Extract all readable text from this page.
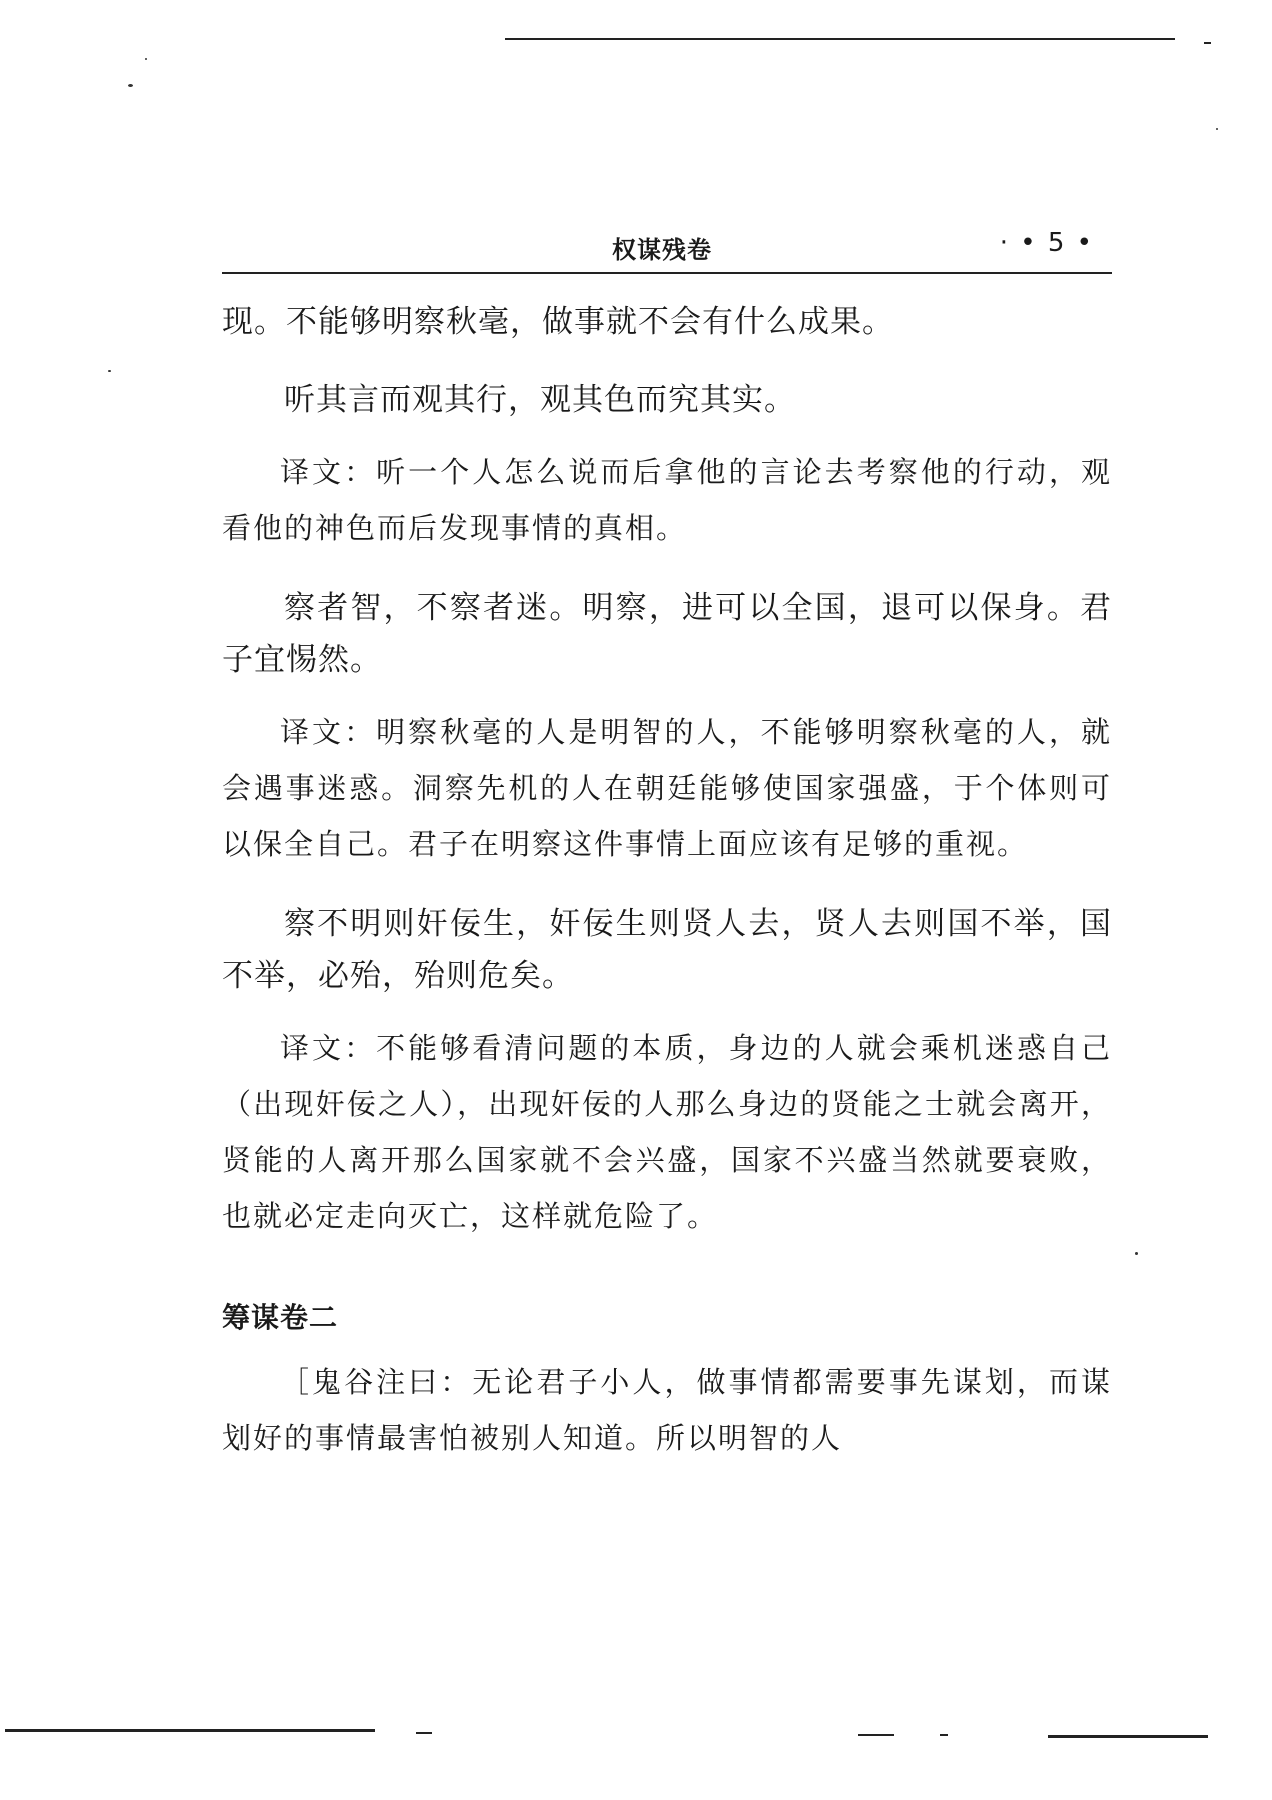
权谋残卷	· • 5 •

现。不能够明察秋毫，做事就不会有什么成果。

听其言而观其行，观其色而究其实。

译文：听一个人怎么说而后拿他的言论去考察他的行动，观看他的神色而后发现事情的真相。

察者智，不察者迷。明察，进可以全国，退可以保身。君子宜惕然。

译文：明察秋毫的人是明智的人，不能够明察秋毫的人，就会遇事迷惑。洞察先机的人在朝廷能够使国家强盛，于个体则可以保全自己。君子在明察这件事情上面应该有足够的重视。

察不明则奸佞生，奸佞生则贤人去，贤人去则国不举，国不举，必殆，殆则危矣。

译文：不能够看清问题的本质，身边的人就会乘机迷惑自己（出现奸佞之人），出现奸佞的人那么身边的贤能之士就会离开，贤能的人离开那么国家就不会兴盛，国家不兴盛当然就要衰败，也就必定走向灭亡，这样就危险了。

筹谋卷二

［鬼谷注曰：无论君子小人，做事情都需要事先谋划，而谋划好的事情最害怕被别人知道。所以明智的人
